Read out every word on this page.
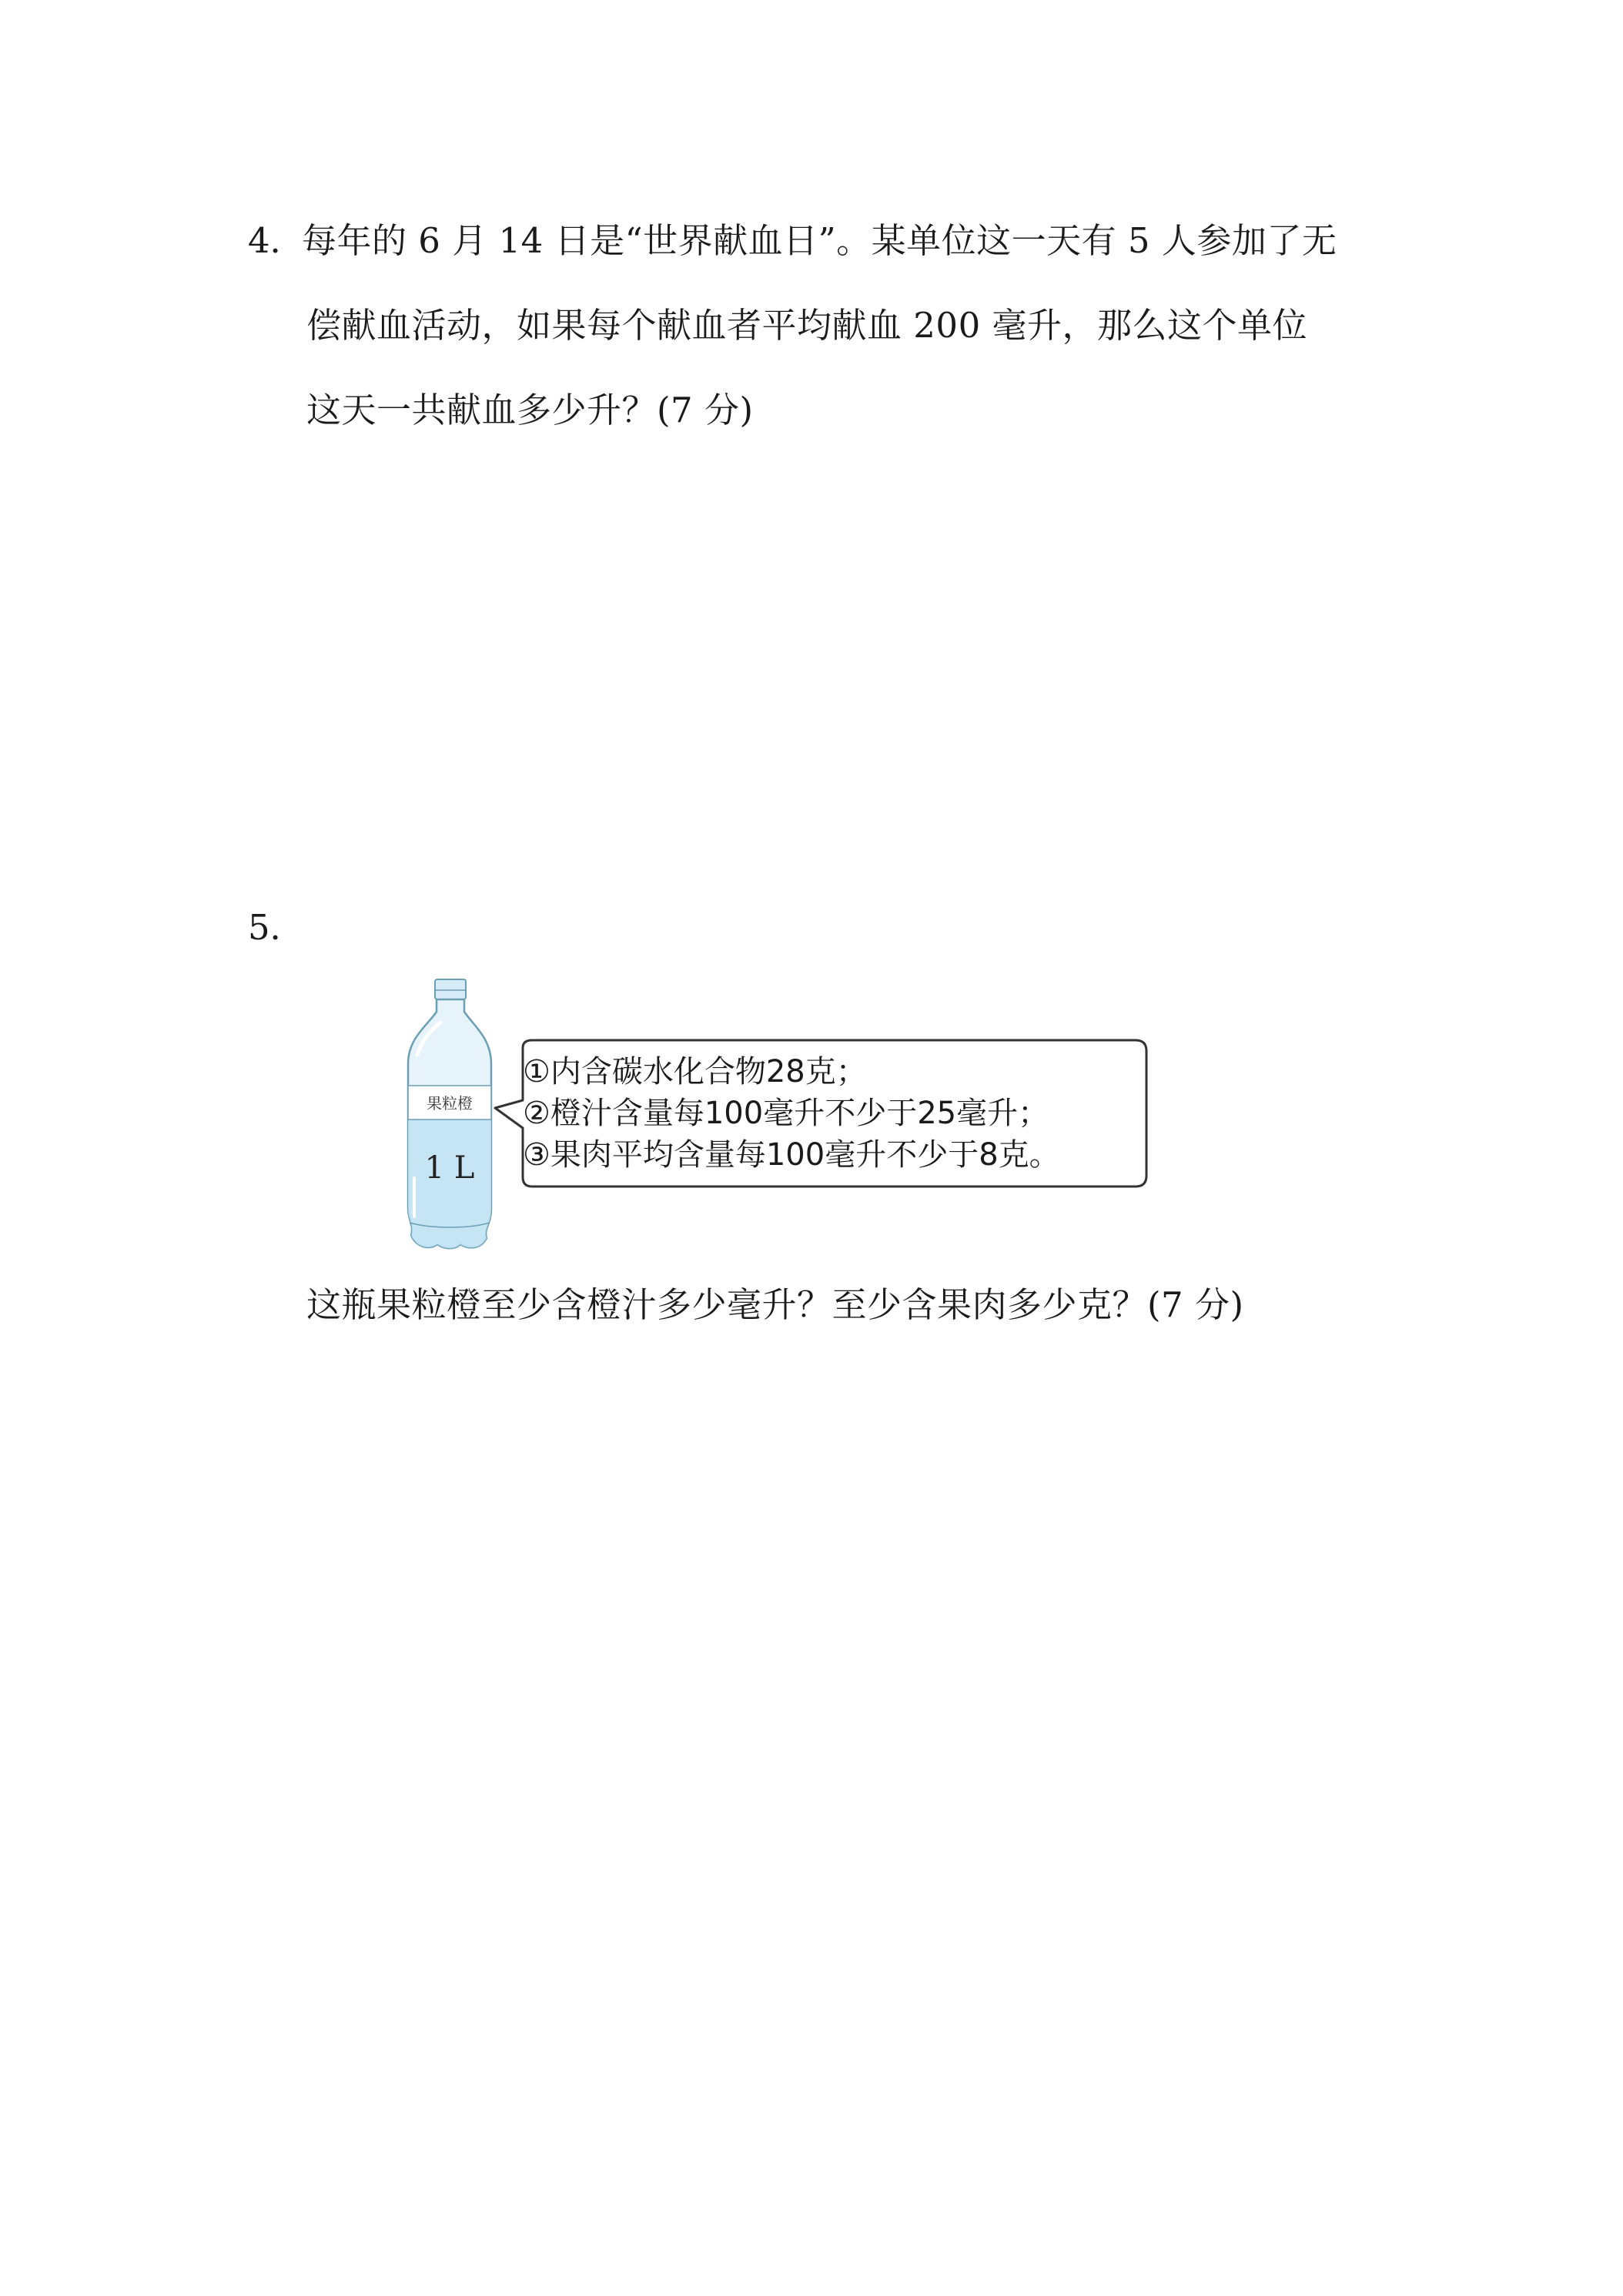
4．
每年的 6 月 14 日是“世界献血日”。某单位这一天有 5 人参加了无
偿献血活动，如果每个献血者平均献血 200 毫升，那么这个单位
这天一共献血多少升？(7 分)
5．
果粒橙
1 L
①内含碳水化合物28克；
②橙汁含量每100毫升不少于25毫升；
③果肉平均含量每100毫升不少于8克。
这瓶果粒橙至少含橙汁多少毫升？至少含果肉多少克？(7 分)
